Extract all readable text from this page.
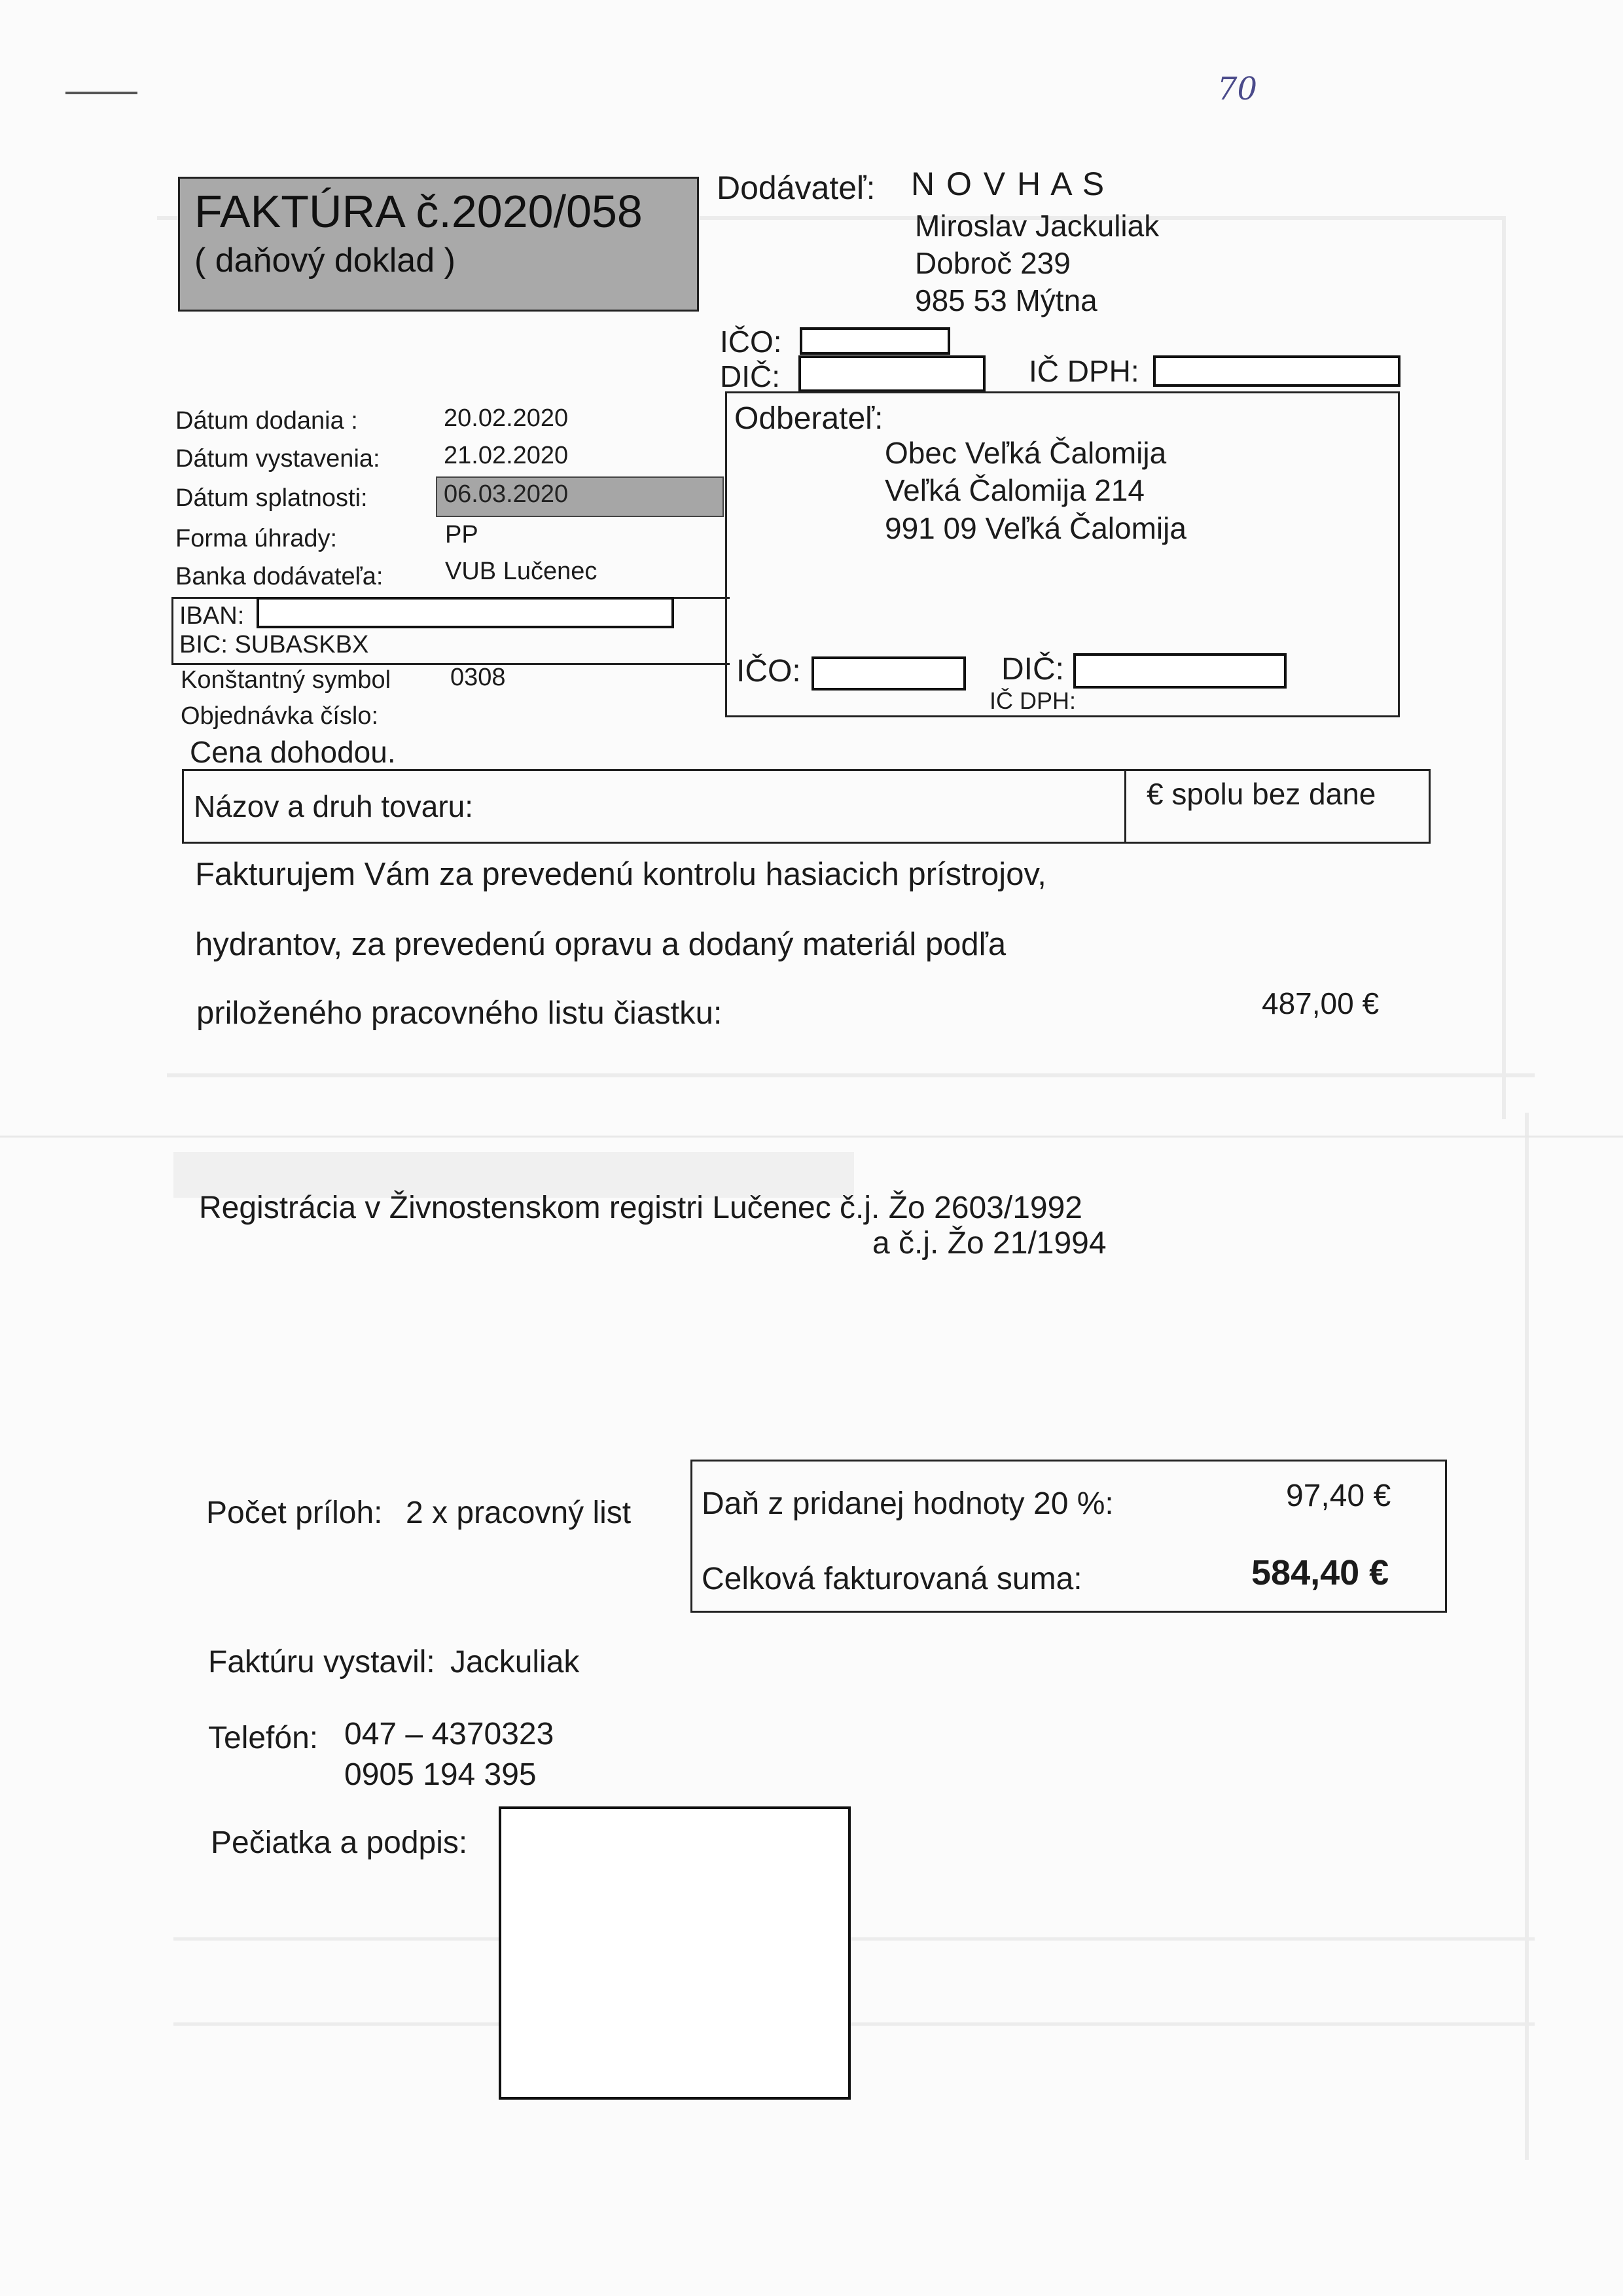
70
FAKTÚRA č.2020/058
( daňový doklad )
Dodávateľ: N O V H A S
Miroslav Jackuliak
Dobroč 239
985 53 Mýtna
IČO:
DIČ:	IČ DPH:
Dátum dodania :	20.02.2020
Dátum vystavenia:	21.02.2020
Dátum splatnosti:	06.03.2020
Forma úhrady:	PP
Banka dodávateľa: VUB Lučenec
IBAN:
BIC: SUBASKBX
Konštantný symbol 0308
Objednávka číslo:
Odberateľ:
Obec Veľká Čalomija
Veľká Čalomija 214
991 09 Veľká Čalomija
IČO:	DIČ:
IČ DPH:
Cena dohodou.
Názov a druh tovaru:	€ spolu bez dane
Fakturujem Vám za prevedenú kontrolu hasiacich prístrojov,
hydrantov, za prevedenú opravu a dodaný materiál podľa
priloženého pracovného listu čiastku:	487,00 €
Registrácia v Živnostenskom registri Lučenec č.j. Žo 2603/1992
a č.j. Žo 21/1994
Počet príloh: 2 x pracovný list Daň z pridanej hodnoty 20 %:	97,40 €
Celková fakturovaná suma:	584,40 €
Faktúru vystavil: Jackuliak
Telefón: 047 – 4370323
0905 194 395
Pečiatka a podpis:
